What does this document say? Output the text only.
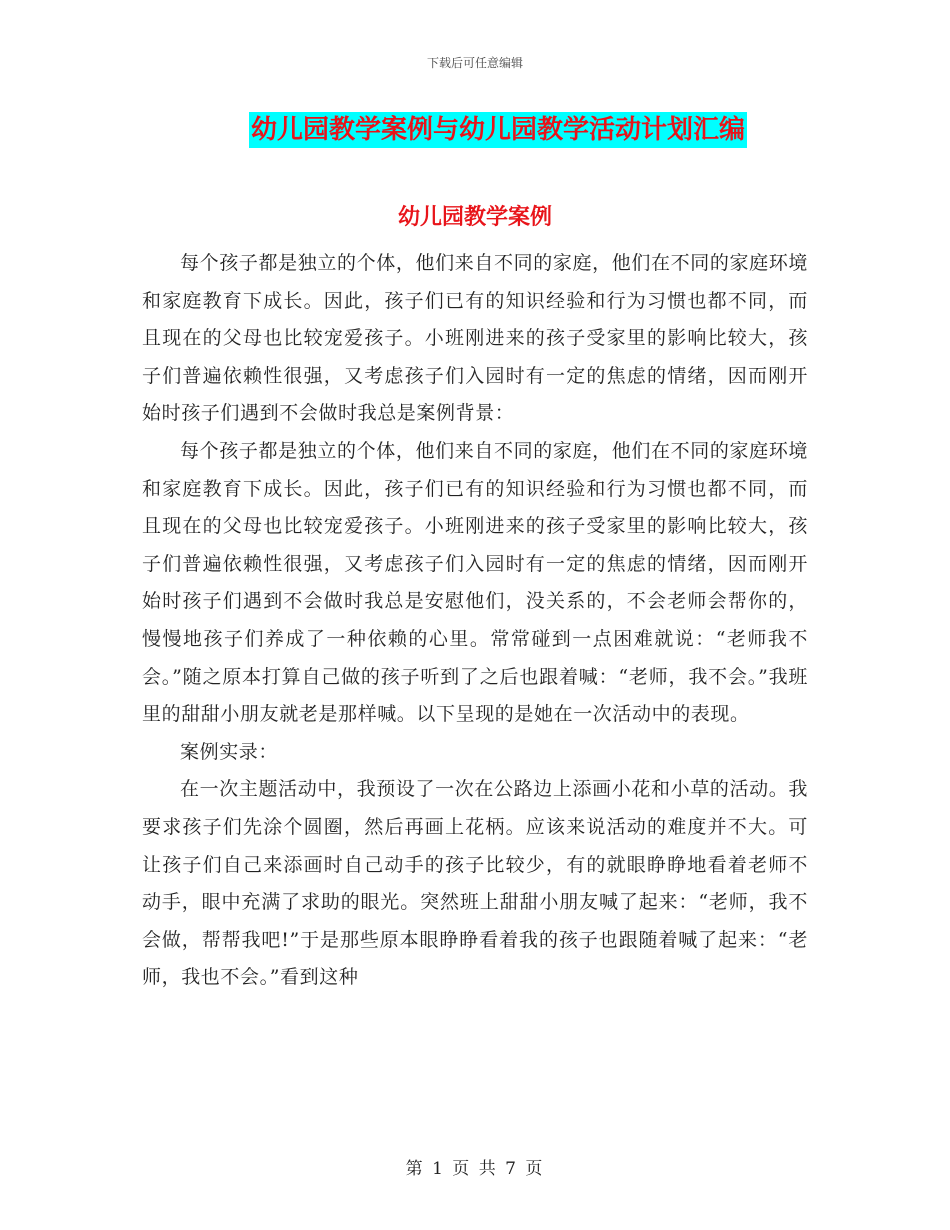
下载后可任意编辑
幼儿园教学案例与幼儿园教学活动计划汇编
幼儿园教学案例

每个孩子都是独立的个体，他们来自不同的家庭，他们在不同的家庭环境和家庭教育下成长。因此，孩子们已有的知识经验和行为习惯也都不同，而且现在的父母也比较宠爱孩子。小班刚进来的孩子受家里的影响比较大，孩子们普遍依赖性很强，又考虑孩子们入园时有一定的焦虑的情绪，因而刚开始时孩子们遇到不会做时我总是案例背景：

每个孩子都是独立的个体，他们来自不同的家庭，他们在不同的家庭环境和家庭教育下成长。因此，孩子们已有的知识经验和行为习惯也都不同，而且现在的父母也比较宠爱孩子。小班刚进来的孩子受家里的影响比较大，孩子们普遍依赖性很强，又考虑孩子们入园时有一定的焦虑的情绪，因而刚开始时孩子们遇到不会做时我总是安慰他们，没关系的，不会老师会帮你的，慢慢地孩子们养成了一种依赖的心里。常常碰到一点困难就说：“老师我不会。”随之原本打算自己做的孩子听到了之后也跟着喊：“老师，我不会。”我班里的甜甜小朋友就老是那样喊。以下呈现的是她在一次活动中的表现。

案例实录：

在一次主题活动中，我预设了一次在公路边上添画小花和小草的活动。我要求孩子们先涂个圆圈，然后再画上花柄。应该来说活动的难度并不大。可让孩子们自己来添画时自己动手的孩子比较少，有的就眼睁睁地看着老师不动手，眼中充满了求助的眼光。突然班上甜甜小朋友喊了起来：“老师，我不会做，帮帮我吧!”于是那些原本眼睁睁看着我的孩子也跟随着喊了起来：“老师，我也不会。”看到这种

第 1 页 共 7 页
